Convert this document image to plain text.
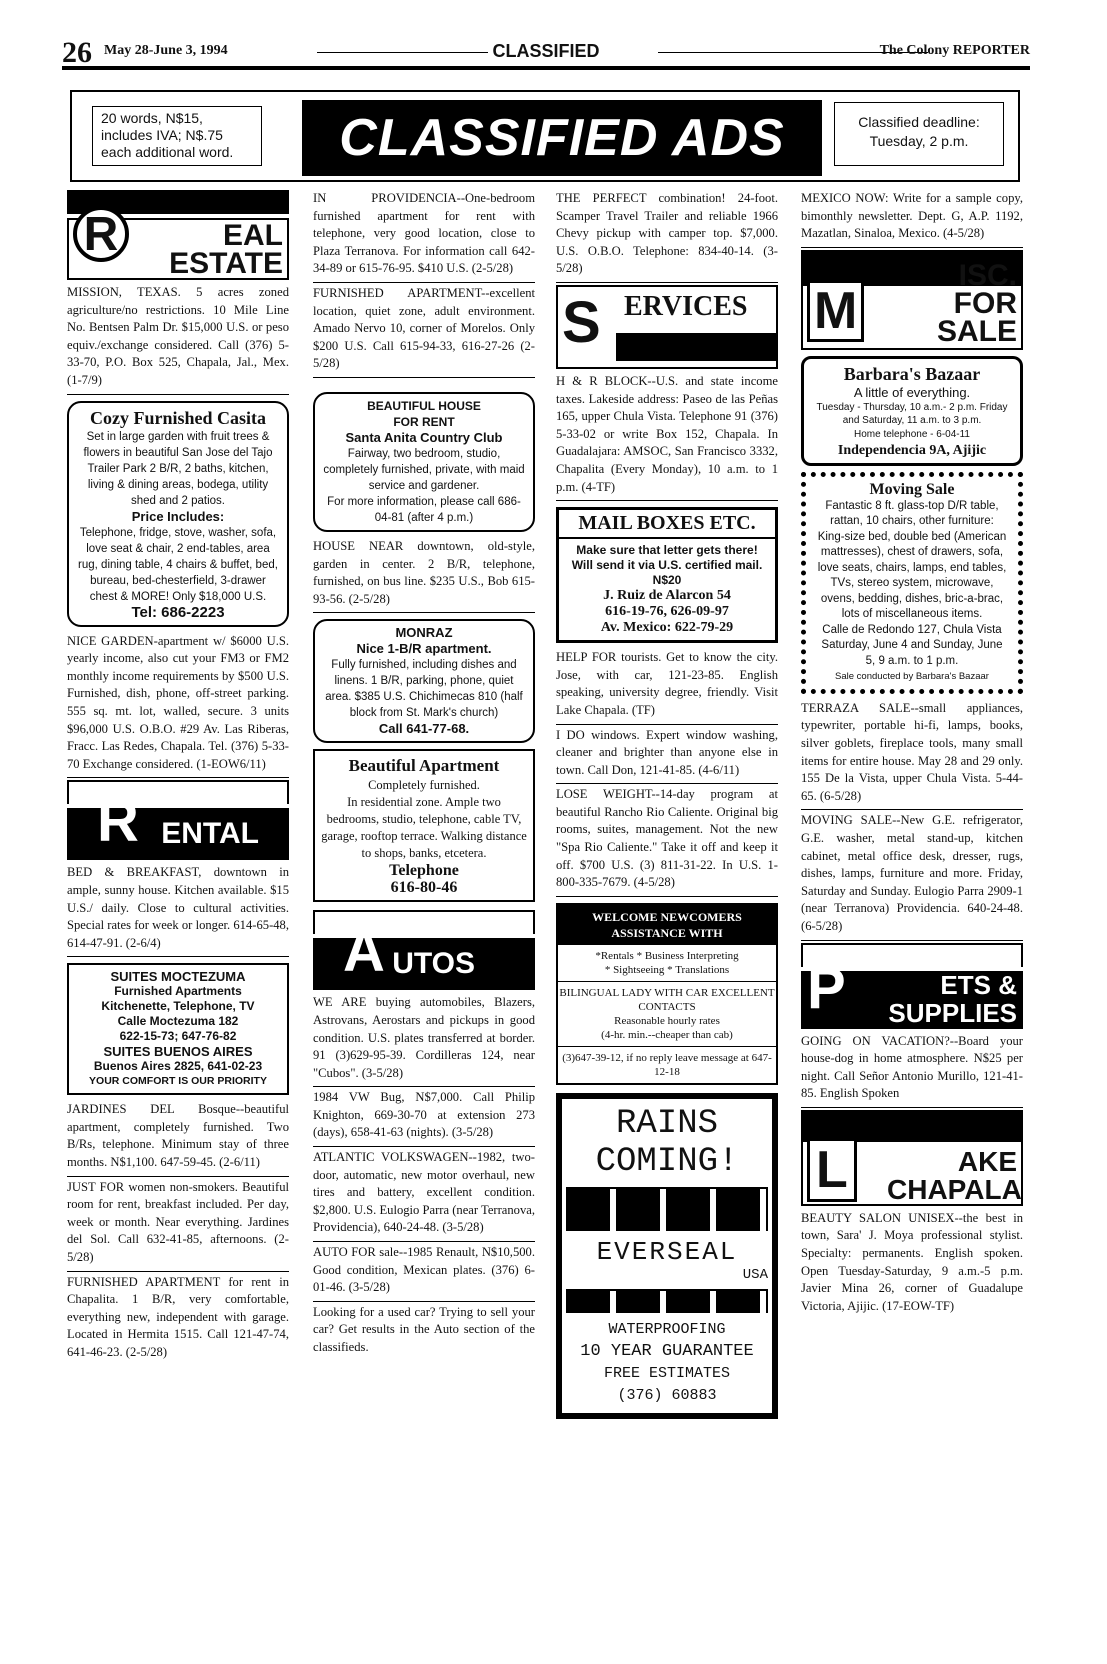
26 May 28-June 3, 1994	CLASSIFIED	The Colony REPORTER
20 words, N$15, includes IVA; N$.75 each additional word.	CLASSIFIED ADS	Classified deadline: Tuesday, 2 p.m.
R	EAL ESTATE
MISSION, TEXAS. 5 acres zoned agriculture/no restrictions. 10 Mile Line No. Bentsen Palm Dr. $15,000 U.S. or peso equiv./exchange considered. Call (376) 5-33-70, P.O. Box 525, Chapala, Jal., Mex. (1-7/9)
Cozy Furnished Casita
Set in large garden with fruit trees & flowers in beautiful San Jose del Tajo Trailer Park 2 B/R, 2 baths, kitchen, living & dining areas, bodega, utility shed and 2 patios.
Price Includes:
Telephone, fridge, stove, washer, sofa, love seat & chair, 2 end-tables, area rug, dining table, 4 chairs & buffet, bed, bureau, bed-chesterfield, 3-drawer chest & MORE! Only $18,000 U.S.
Tel: 686-2223
NICE GARDEN-apartment w/ $6000 U.S. yearly income, also cut your FM3 or FM2 monthly income requirements by $500 U.S. Furnished, dish, phone, off-street parking. 555 sq. mt. lot, walled, secure. 3 units $96,000 U.S. O.B.O. #29 Av. Las Riberas, Fracc. Las Redes, Chapala. Tel. (376) 5-33-70 Exchange considered. (1-EOW6/11)
R ENTAL
BED & BREAKFAST, downtown in ample, sunny house. Kitchen available. $15 U.S./ daily. Close to cultural activities. Special rates for week or longer. 614-65-48, 614-47-91. (2-6/4)
SUITES MOCTEZUMA
Furnished Apartments
Kitchenette, Telephone, TV
Calle Moctezuma 182
622-15-73; 647-76-82
SUITES BUENOS AIRES
Buenos Aires 2825, 641-02-23
YOUR COMFORT IS OUR PRIORITY
JARDINES DEL Bosque--beautiful apartment, completely furnished. Two B/Rs, telephone. Minimum stay of three months. N$1,100. 647-59-45. (2-6/11)
JUST FOR women non-smokers. Beautiful room for rent, breakfast included. Per day, week or month. Near everything. Jardines del Sol. Call 632-41-85, afternoons. (2-5/28)
FURNISHED APARTMENT for rent in Chapalita. 1 B/R, very comfortable, everything new, independent with garage. Located in Hermita 1515. Call 121-47-74, 641-46-23. (2-5/28)
IN PROVIDENCIA--One-bedroom furnished apartment for rent with telephone, very good location, close to Plaza Terranova. For information call 642-34-89 or 615-76-95. $410 U.S. (2-5/28)
FURNISHED APARTMENT--excellent location, quiet zone, adult environment. Amado Nervo 10, corner of Morelos. Only $200 U.S. Call 615-94-33, 616-27-26 (2-5/28)
BEAUTIFUL HOUSE
FOR RENT
Santa Anita Country Club
Fairway, two bedroom, studio, completely furnished, private, with maid service and gardener.
For more information, please call 686-04-81 (after 4 p.m.)
HOUSE NEAR downtown, old-style, garden in center. 2 B/R, telephone, furnished, on bus line. $235 U.S., Bob 615-93-56. (2-5/28)
MONRAZ
Nice 1-B/R apartment.
Fully furnished, including dishes and linens. 1 B/R, parking, phone, quiet area. $385 U.S. Chichimecas 810 (half block from St. Mark's church)
Call 641-77-68.
Beautiful Apartment
Completely furnished.
In residential zone. Ample two bedrooms, studio, telephone, cable TV, garage, rooftop terrace. Walking distance to shops, banks, etcetera.
Telephone
616-80-46
A UTOS
WE ARE buying automobiles, Blazers, Astrovans, Aerostars and pickups in good condition. U.S. plates transferred at border. 91 (3)629-95-39. Cordilleras 124, near "Cubos". (3-5/28)
1984 VW Bug, N$7,000. Call Philip Knighton, 669-30-70 at extension 273 (days), 658-41-63 (nights). (3-5/28)
ATLANTIC VOLKSWAGEN--1982, two-door, automatic, new motor overhaul, new tires and battery, excellent condition. $2,800. U.S. Eulogio Parra (near Terranova, Providencia), 640-24-48. (3-5/28)
AUTO FOR sale--1985 Renault, N$10,500. Good condition, Mexican plates. (376) 6-01-46. (3-5/28)
Looking for a used car? Trying to sell your car? Get results in the Auto section of the classifieds.
THE PERFECT combination! 24-foot. Scamper Travel Trailer and reliable 1966 Chevy pickup with camper top. $7,000. U.S. O.B.O. Telephone: 834-40-14. (3-5/28)
S ERVICES
H & R BLOCK--U.S. and state income taxes. Lakeside address: Paseo de las Peñas 165, upper Chula Vista. Telephone 91 (376) 5-33-02 or write Box 152, Chapala. In Guadalajara: AMSOC, San Francisco 3332, Chapalita (Every Monday), 10 a.m. to 1 p.m. (4-TF)
MAIL BOXES ETC.
Make sure that letter gets there! Will send it via U.S. certified mail. N$20
J. Ruiz de Alarcon 54
616-19-76, 626-09-97
Av. Mexico: 622-79-29
HELP FOR tourists. Get to know the city. Jose, with car, 121-23-85. English speaking, university degree, friendly. Visit Lake Chapala. (TF)
I DO windows. Expert window washing, cleaner and brighter than anyone else in town. Call Don, 121-41-85. (4-6/11)
LOSE WEIGHT--14-day program at beautiful Rancho Rio Caliente. Original big rooms, suites, management. Not the new "Spa Rio Caliente." Take it off and keep it off. $700 U.S. (3) 811-31-22. In U.S. 1-800-335-7679. (4-5/28)
WELCOME NEWCOMERS ASSISTANCE WITH
*Rentals * Business Interpreting
* Sightseeing * Translations
BILINGUAL LADY WITH CAR EXCELLENT CONTACTS
Reasonable hourly rates
(4-hr. min.--cheaper than cab)
(3)647-39-12, if no reply leave message at 647-12-18
RAINS
COMING!
EVERSEAL
USA
WATERPROOFING
10 YEAR GUARANTEE
FREE ESTIMATES
(376) 60883
MEXICO NOW: Write for a sample copy, bimonthly newsletter. Dept. G, A.P. 1192, Mazatlan, Sinaloa, Mexico. (4-5/28)
M
ISC. FOR SALE
Barbara's Bazaar
A little of everything.
Tuesday - Thursday, 10 a.m.- 2 p.m. Friday and Saturday, 11 a.m. to 3 p.m.
Home telephone - 6-04-11
Independencia 9A, Ajijic
Moving Sale
Fantastic 8 ft. glass-top D/R table, rattan, 10 chairs, other furniture: King-size bed, double bed (American mattresses), chest of drawers, sofa, love seats, chairs, lamps, end tables, TVs, stereo system, microwave, ovens, bedding, dishes, bric-a-brac, lots of miscellaneous items.
Calle de Redondo 127, Chula Vista
Saturday, June 4 and Sunday, June 5, 9 a.m. to 1 p.m.
Sale conducted by Barbara's Bazaar
TERRAZA SALE--small appliances, typewriter, portable hi-fi, lamps, books, silver goblets, fireplace tools, many small items for entire house. May 28 and 29 only. 155 De la Vista, upper Chula Vista. 5-44-65. (6-5/28)
MOVING SALE--New G.E. refrigerator, G.E. washer, metal stand-up, kitchen cabinet, metal office desk, dresser, rugs, dishes, lamps, furniture and more. Friday, Saturday and Sunday. Eulogio Parra 2909-1 (near Terranova) Providencia. 640-24-48. (6-5/28)
P	ETS & SUPPLIES
GOING ON VACATION?--Board your house-dog in home atmosphere. N$25 per night. Call Señor Antonio Murillo, 121-41-85. English Spoken
L	AKE CHAPALA
BEAUTY SALON UNISEX--the best in town, Sara' J. Moya professional stylist. Specialty: permanents. English spoken. Open Tuesday-Saturday, 9 a.m.-5 p.m. Javier Mina 26, corner of Guadalupe Victoria, Ajijic. (17-EOW-TF)
